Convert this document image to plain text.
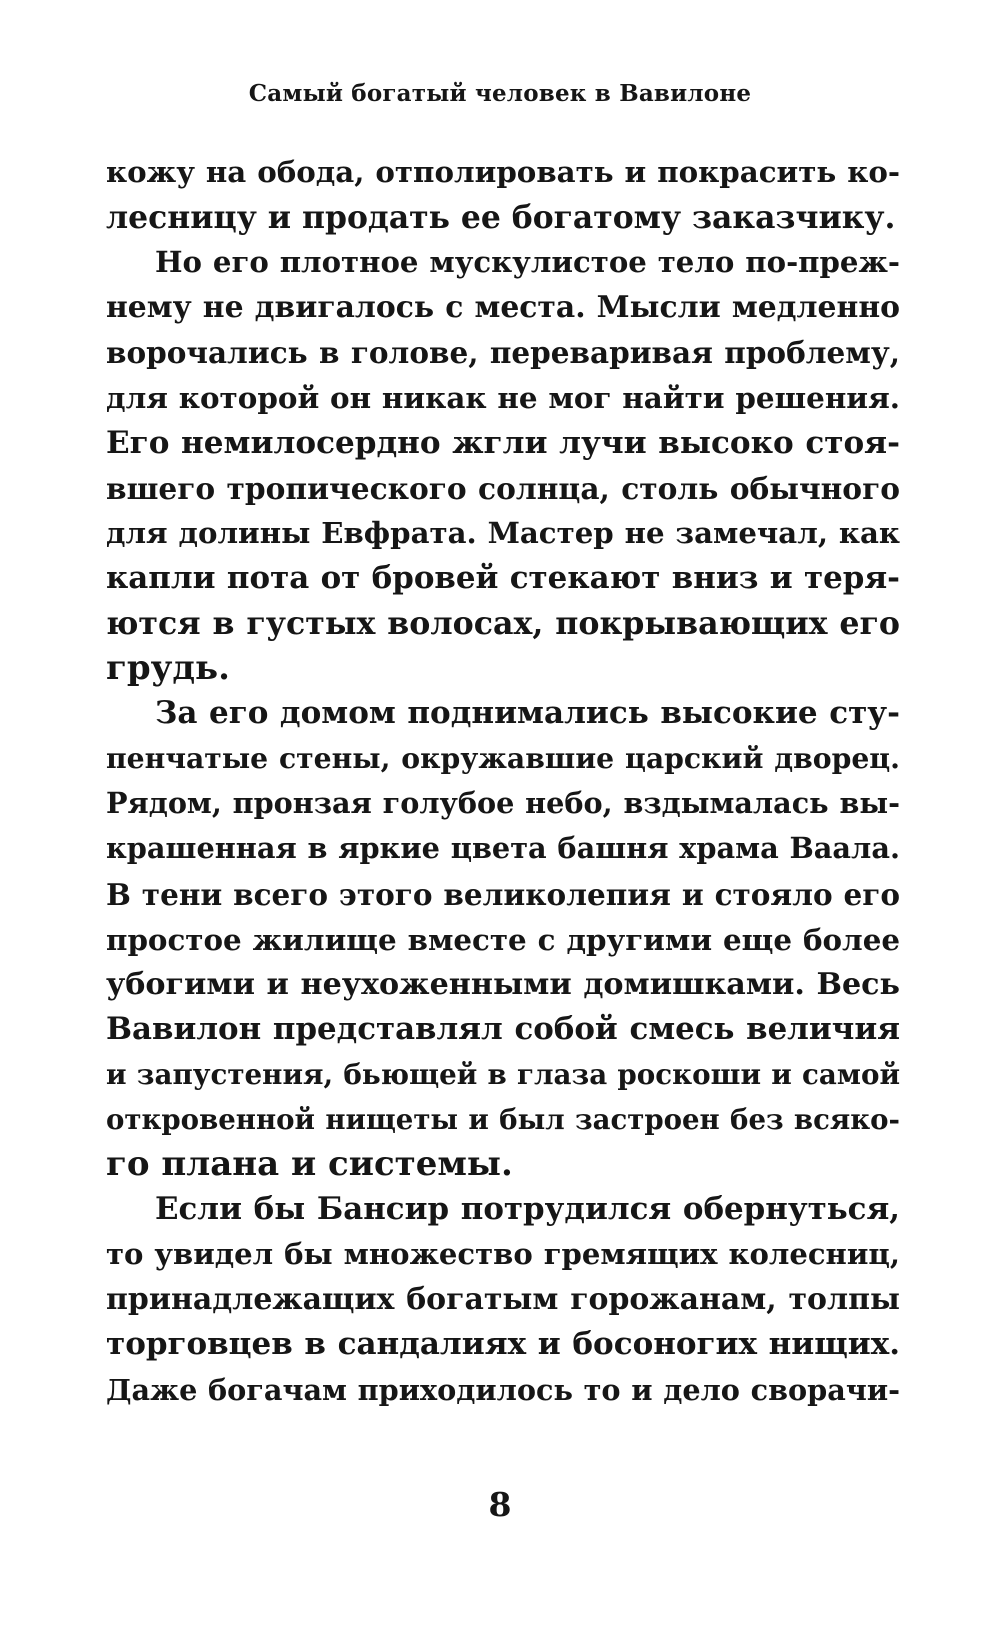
Самый богатый человек в Вавилоне
кожу на обода, отполировать и покрасить ко-
лесницу и продать ее богатому заказчику.
Но его плотное мускулистое тело по-преж-
нему не двигалось с места. Мысли медленно
ворочались в голове, переваривая проблему,
для которой он никак не мог найти решения.
Его немилосердно жгли лучи высоко стоя-
вшего тропического солнца, столь обычного
для долины Евфрата. Мастер не замечал, как
капли пота от бровей стекают вниз и теря-
ются в густых волосах, покрывающих его
грудь.
За его домом поднимались высокие сту-
пенчатые стены, окружавшие царский дворец.
Рядом, пронзая голубое небо, вздымалась вы-
крашенная в яркие цвета башня храма Ваала.
В тени всего этого великолепия и стояло его
простое жилище вместе с другими еще более
убогими и неухоженными домишками. Весь
Вавилон представлял собой смесь величия
и запустения, бьющей в глаза роскоши и самой
откровенной нищеты и был застроен без всяко-
го плана и системы.
Если бы Бансир потрудился обернуться,
то увидел бы множество гремящих колесниц,
принадлежащих богатым горожанам, толпы
торговцев в сандалиях и босоногих нищих.
Даже богачам приходилось то и дело сворачи-
8
